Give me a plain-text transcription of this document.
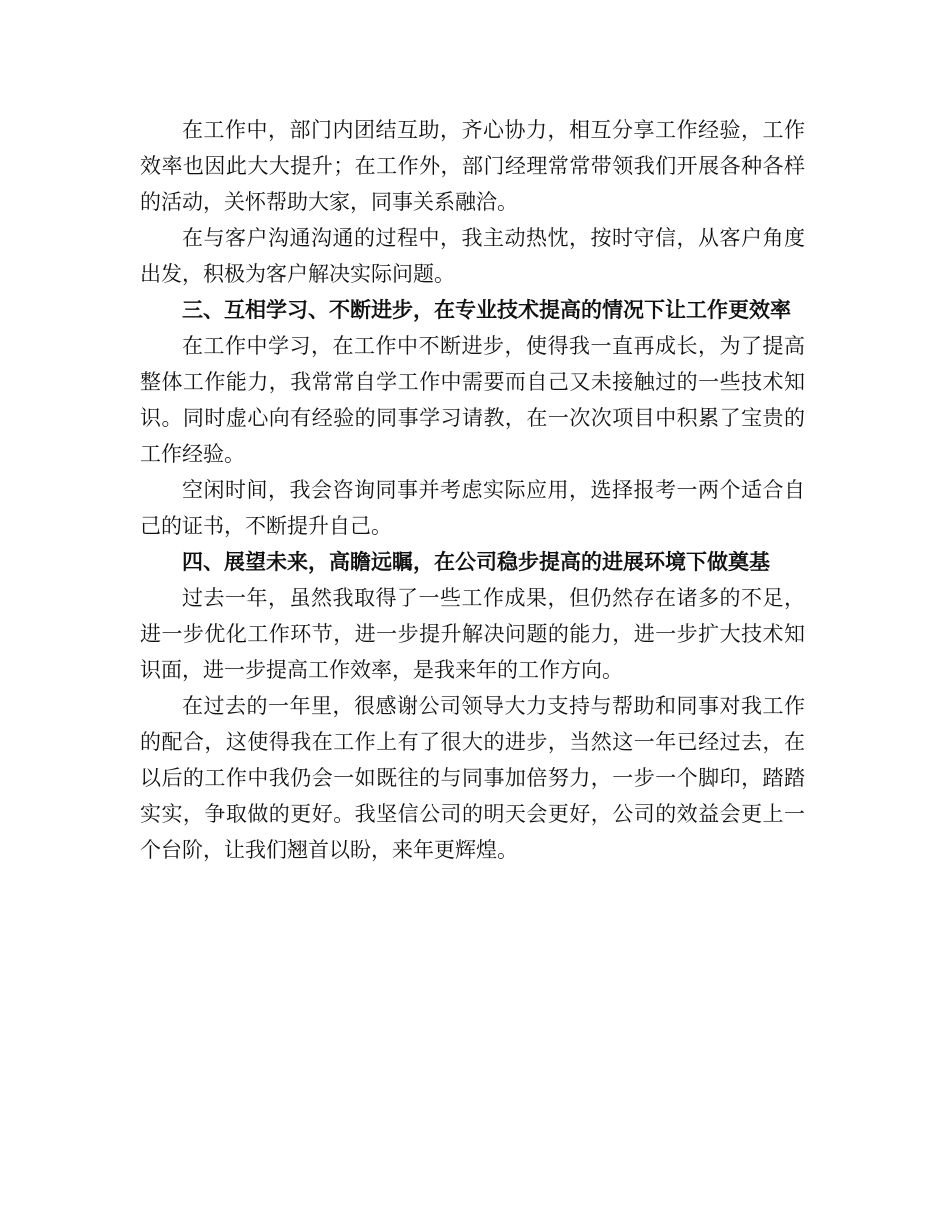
在工作中，部门内团结互助，齐心协力，相互分享工作经验，工作效率也因此大大提升；在工作外，部门经理常常带领我们开展各种各样的活动，关怀帮助大家，同事关系融洽。

在与客户沟通沟通的过程中，我主动热忱，按时守信，从客户角度出发，积极为客户解决实际问题。

三、互相学习、不断进步，在专业技术提高的情况下让工作更效率

在工作中学习，在工作中不断进步，使得我一直再成长，为了提高整体工作能力，我常常自学工作中需要而自己又未接触过的一些技术知识。同时虚心向有经验的同事学习请教，在一次次项目中积累了宝贵的工作经验。

空闲时间，我会咨询同事并考虑实际应用，选择报考一两个适合自己的证书，不断提升自己。

四、展望未来，高瞻远瞩，在公司稳步提高的进展环境下做奠基

过去一年，虽然我取得了一些工作成果，但仍然存在诸多的不足，进一步优化工作环节，进一步提升解决问题的能力，进一步扩大技术知识面，进一步提高工作效率，是我来年的工作方向。

在过去的一年里，很感谢公司领导大力支持与帮助和同事对我工作的配合，这使得我在工作上有了很大的进步，当然这一年已经过去，在以后的工作中我仍会一如既往的与同事加倍努力，一步一个脚印，踏踏实实，争取做的更好。我坚信公司的明天会更好，公司的效益会更上一个台阶，让我们翘首以盼，来年更辉煌。
